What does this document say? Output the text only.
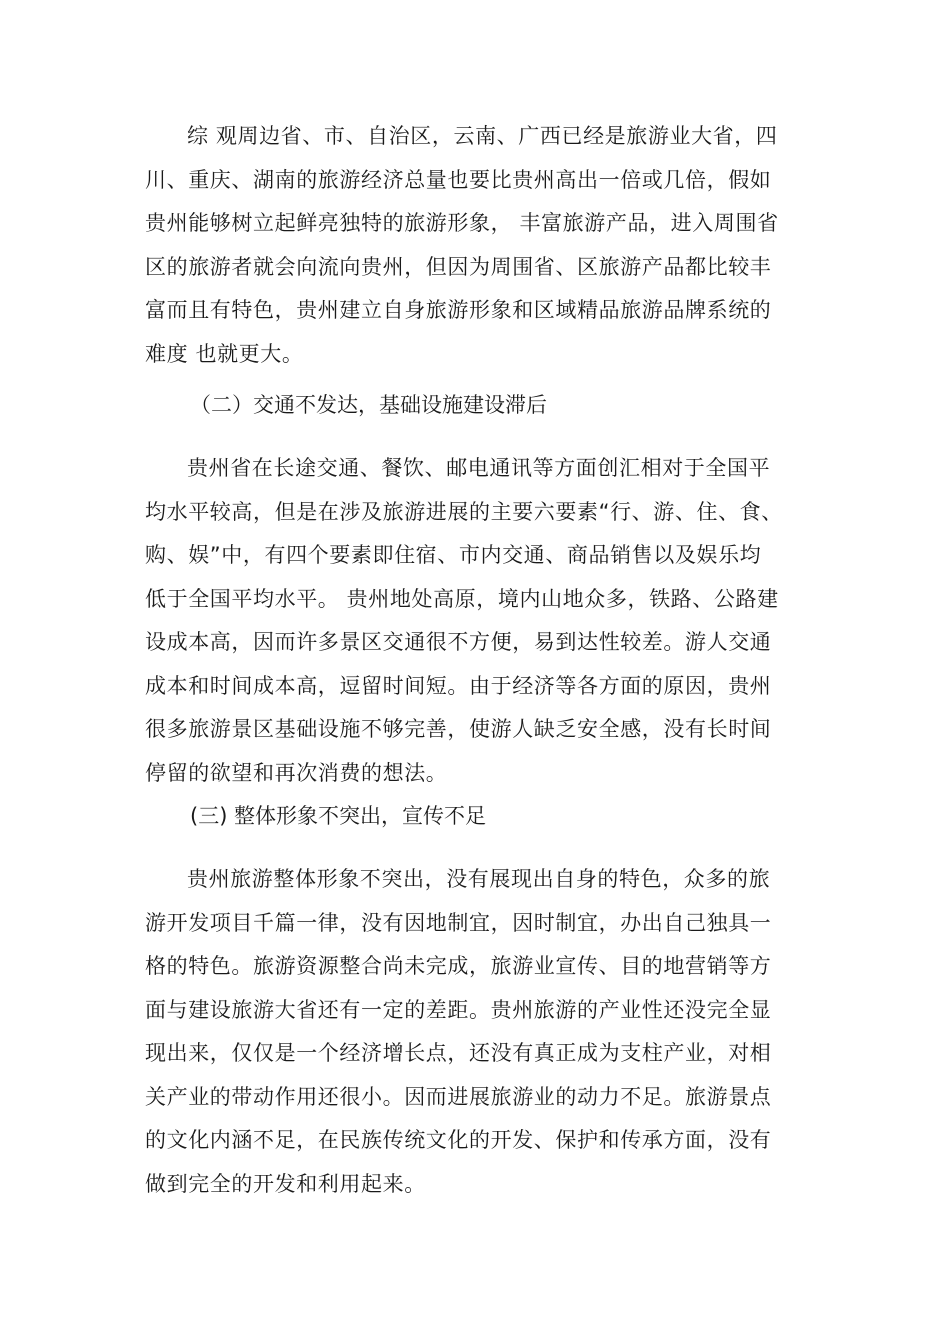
综 观周边省、市、自治区，云南、广西已经是旅游业大省，四
川、重庆、湖南的旅游经济总量也要比贵州高出一倍或几倍，假如
贵州能够树立起鲜亮独特的旅游形象， 丰富旅游产品，进入周围省
区的旅游者就会向流向贵州，但因为周围省、区旅游产品都比较丰
富而且有特色，贵州建立自身旅游形象和区域精品旅游品牌系统的
难度 也就更大。

（二）交通不发达，基础设施建设滞后

贵州省在长途交通、餐饮、邮电通讯等方面创汇相对于全国平
均水平较高，但是在涉及旅游进展的主要六要素“行、游、住、食、
购、娱”中，有四个要素即住宿、市内交通、商品销售以及娱乐均
低于全国平均水平。 贵州地处高原，境内山地众多，铁路、公路建
设成本高，因而许多景区交通很不方便，易到达性较差。游人交通
成本和时间成本高，逗留时间短。由于经济等各方面的原因，贵州
很多旅游景区基础设施不够完善，使游人缺乏安全感，没有长时间
停留的欲望和再次消费的想法。

(三) 整体形象不突出，宣传不足

贵州旅游整体形象不突出，没有展现出自身的特色，众多的旅
游开发项目千篇一律，没有因地制宜，因时制宜，办出自己独具一
格的特色。旅游资源整合尚未完成，旅游业宣传、目的地营销等方
面与建设旅游大省还有一定的差距。贵州旅游的产业性还没完全显
现出来，仅仅是一个经济增长点，还没有真正成为支柱产业，对相
关产业的带动作用还很小。因而进展旅游业的动力不足。旅游景点
的文化内涵不足，在民族传统文化的开发、保护和传承方面，没有
做到完全的开发和利用起来。
